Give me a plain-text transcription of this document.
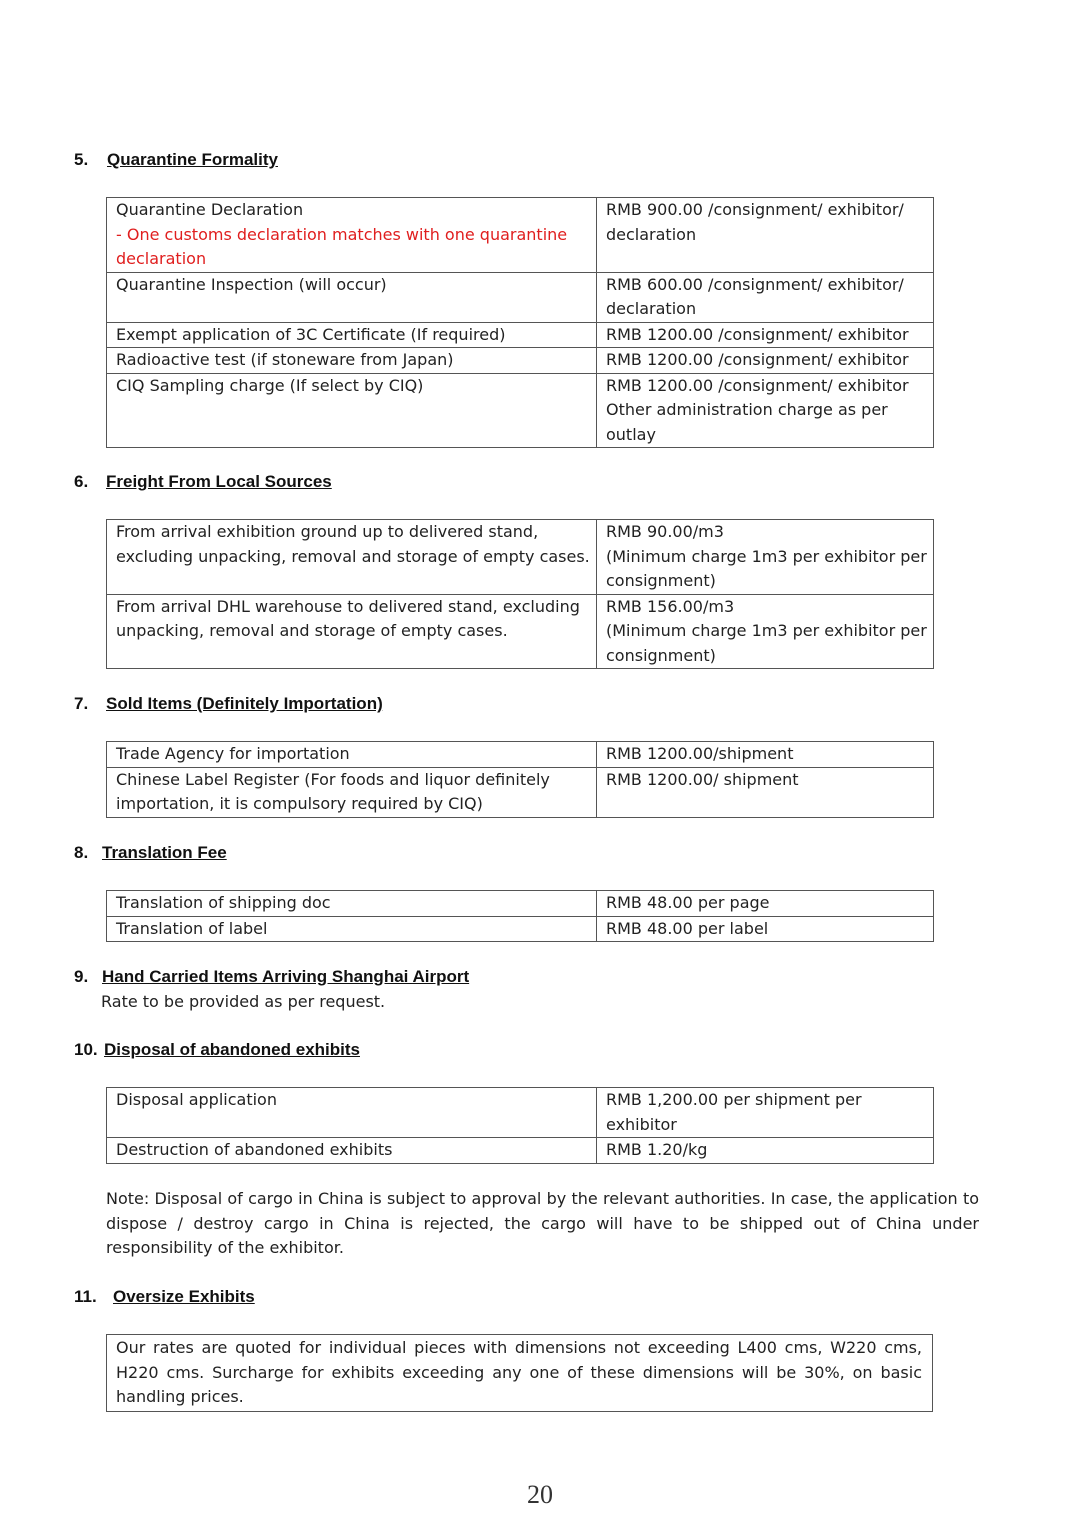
5. Quarantine Formality
Quarantine Declaration
- One customs declaration matches with one quarantine declaration	RMB 900.00 /consignment/ exhibitor/ declaration
Quarantine Inspection (will occur)	RMB 600.00 /consignment/ exhibitor/ declaration
Exempt application of 3C Certificate (If required)	RMB 1200.00 /consignment/ exhibitor
Radioactive test (if stoneware from Japan)	RMB 1200.00 /consignment/ exhibitor
CIQ Sampling charge (If select by CIQ)	RMB 1200.00 /consignment/ exhibitor
Other administration charge as per outlay
6. Freight From Local Sources
From arrival exhibition ground up to delivered stand, excluding unpacking, removal and storage of empty cases.	RMB 90.00/m3
(Minimum charge 1m3 per exhibitor per consignment)

From arrival DHL warehouse to delivered stand, excluding unpacking, removal and storage of empty cases.	RMB 156.00/m3
(Minimum charge 1m3 per exhibitor per consignment)
7. Sold Items (Definitely Importation)
Trade Agency for importation	RMB 1200.00/shipment
Chinese Label Register (For foods and liquor definitely importation, it is compulsory required by CIQ)	RMB 1200.00/ shipment
8. Translation Fee
Translation of shipping doc	RMB 48.00 per page
Translation of label	RMB 48.00 per label
9. Hand Carried Items Arriving Shanghai Airport
Rate to be provided as per request.
10. Disposal of abandoned exhibits
Disposal application	RMB 1,200.00 per shipment per exhibitor
Destruction of abandoned exhibits	RMB 1.20/kg
Note: Disposal of cargo in China is subject to approval by the relevant authorities. In case, the application to dispose / destroy cargo in China is rejected, the cargo will have to be shipped out of China under responsibility of the exhibitor.
11. Oversize Exhibits
Our rates are quoted for individual pieces with dimensions not exceeding L400 cms, W220 cms, H220 cms. Surcharge for exhibits exceeding any one of these dimensions will be 30%, on basic handling prices.
20
